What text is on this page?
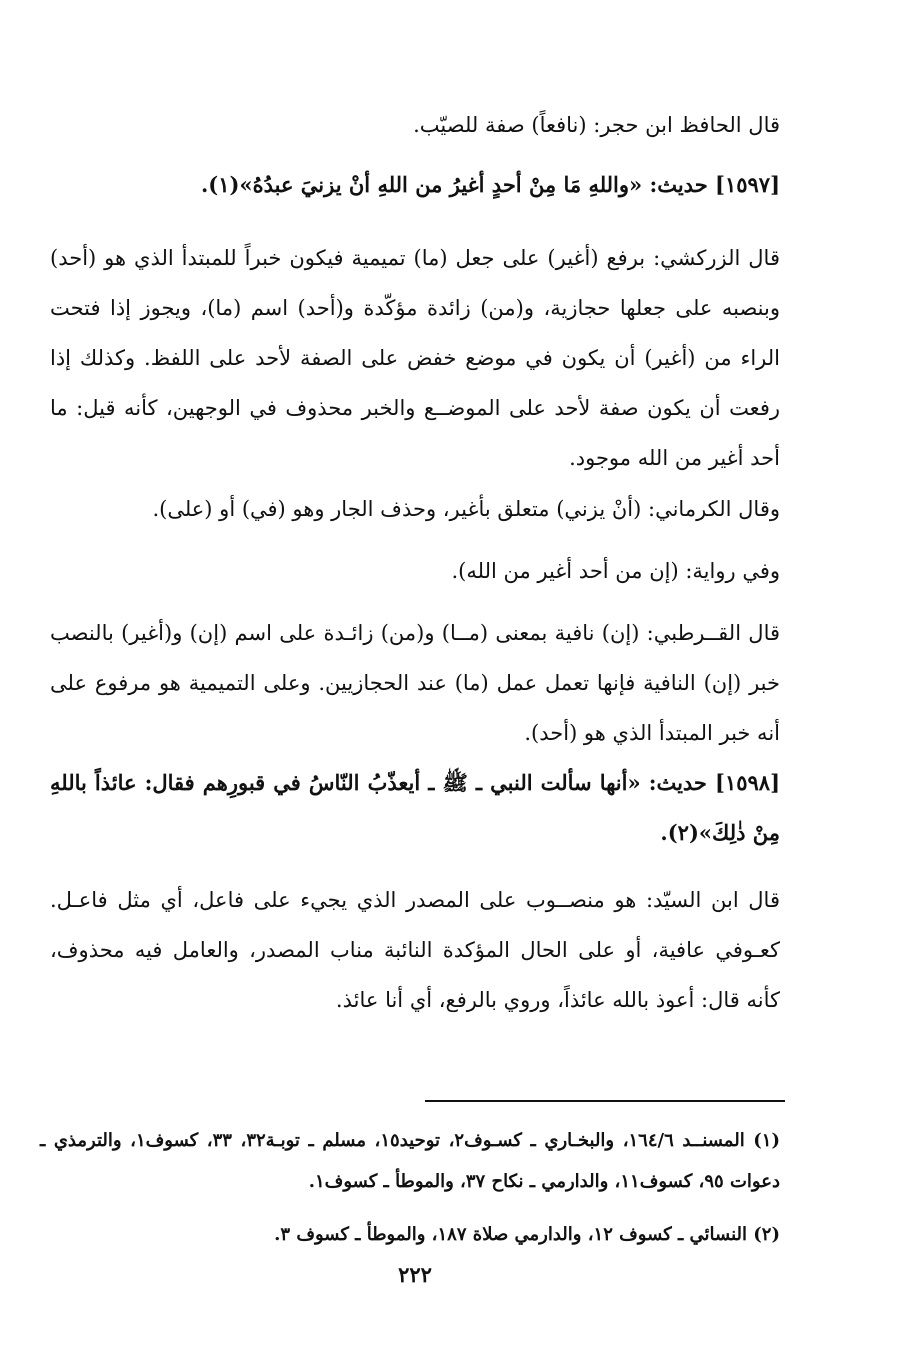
قال الحافظ ابن حجر: (نافعاً) صفة للصيّب.

[١٥٩٧] حديث: «واللهِ مَا مِنْ أحدٍ أغيرُ من اللهِ أنْ يزنيَ عبدُهُ»(١).

قال الزركشي: برفع (أغير) على جعل (ما) تميمية فيكون خبراً للمبتدأ الذي هو (أحد) وبنصبه على جعلها حجازية، و(من) زائدة مؤكّدة و(أحد) اسم (ما)، ويجوز إذا فتحت الراء من (أغير) أن يكون في موضع خفض على الصفة لأحد على اللفظ. وكذلك إذا رفعت أن يكون صفة لأحد على الموضــع والخبر محذوف في الوجهين، كأنه قيل: ما أحد أغير من الله موجود.

وقال الكرماني: (أنْ يزني) متعلق بأغير، وحذف الجار وهو (في) أو (على).

وفي رواية: (إن من أحد أغير من الله).

قال القــرطبي: (إن) نافية بمعنى (مــا) و(من) زائـدة على اسم (إن) و(أغير) بالنصب خبر (إن) النافية فإنها تعمل عمل (ما) عند الحجازيين. وعلى التميمية هو مرفوع على أنه خبر المبتدأ الذي هو (أحد).

[١٥٩٨] حديث: «أنها سألت النبي ـ ﷺ ـ أيعذّبُ النّاسُ في قبورِهم فقال: عائذاً باللهِ مِنْ ذٰلِكَ»(٢).

قال ابن السيّد: هو منصــوب على المصدر الذي يجيء على فاعل، أي مثل فاعـل. كعـوفي عافية، أو على الحال المؤكدة النائبة مناب المصدر، والعامل فيه محذوف، كأنه قال: أعوذ بالله عائذاً، وروي بالرفع، أي أنا عائذ.

(١) المسنــد ١٦٤/٦، والبخـاري ـ كسـوف٢، توحيد١٥، مسلم ـ توبـة٣٢، ٣٣، كسوف١، والترمذي ـ دعوات ٩٥، كسوف١١، والدارمي ـ نكاح ٣٧، والموطأ ـ كسوف١.

(٢) النسائي ـ كسوف ١٢، والدارمي صلاة ١٨٧، والموطأ ـ كسوف ٣.

٢٢٢
